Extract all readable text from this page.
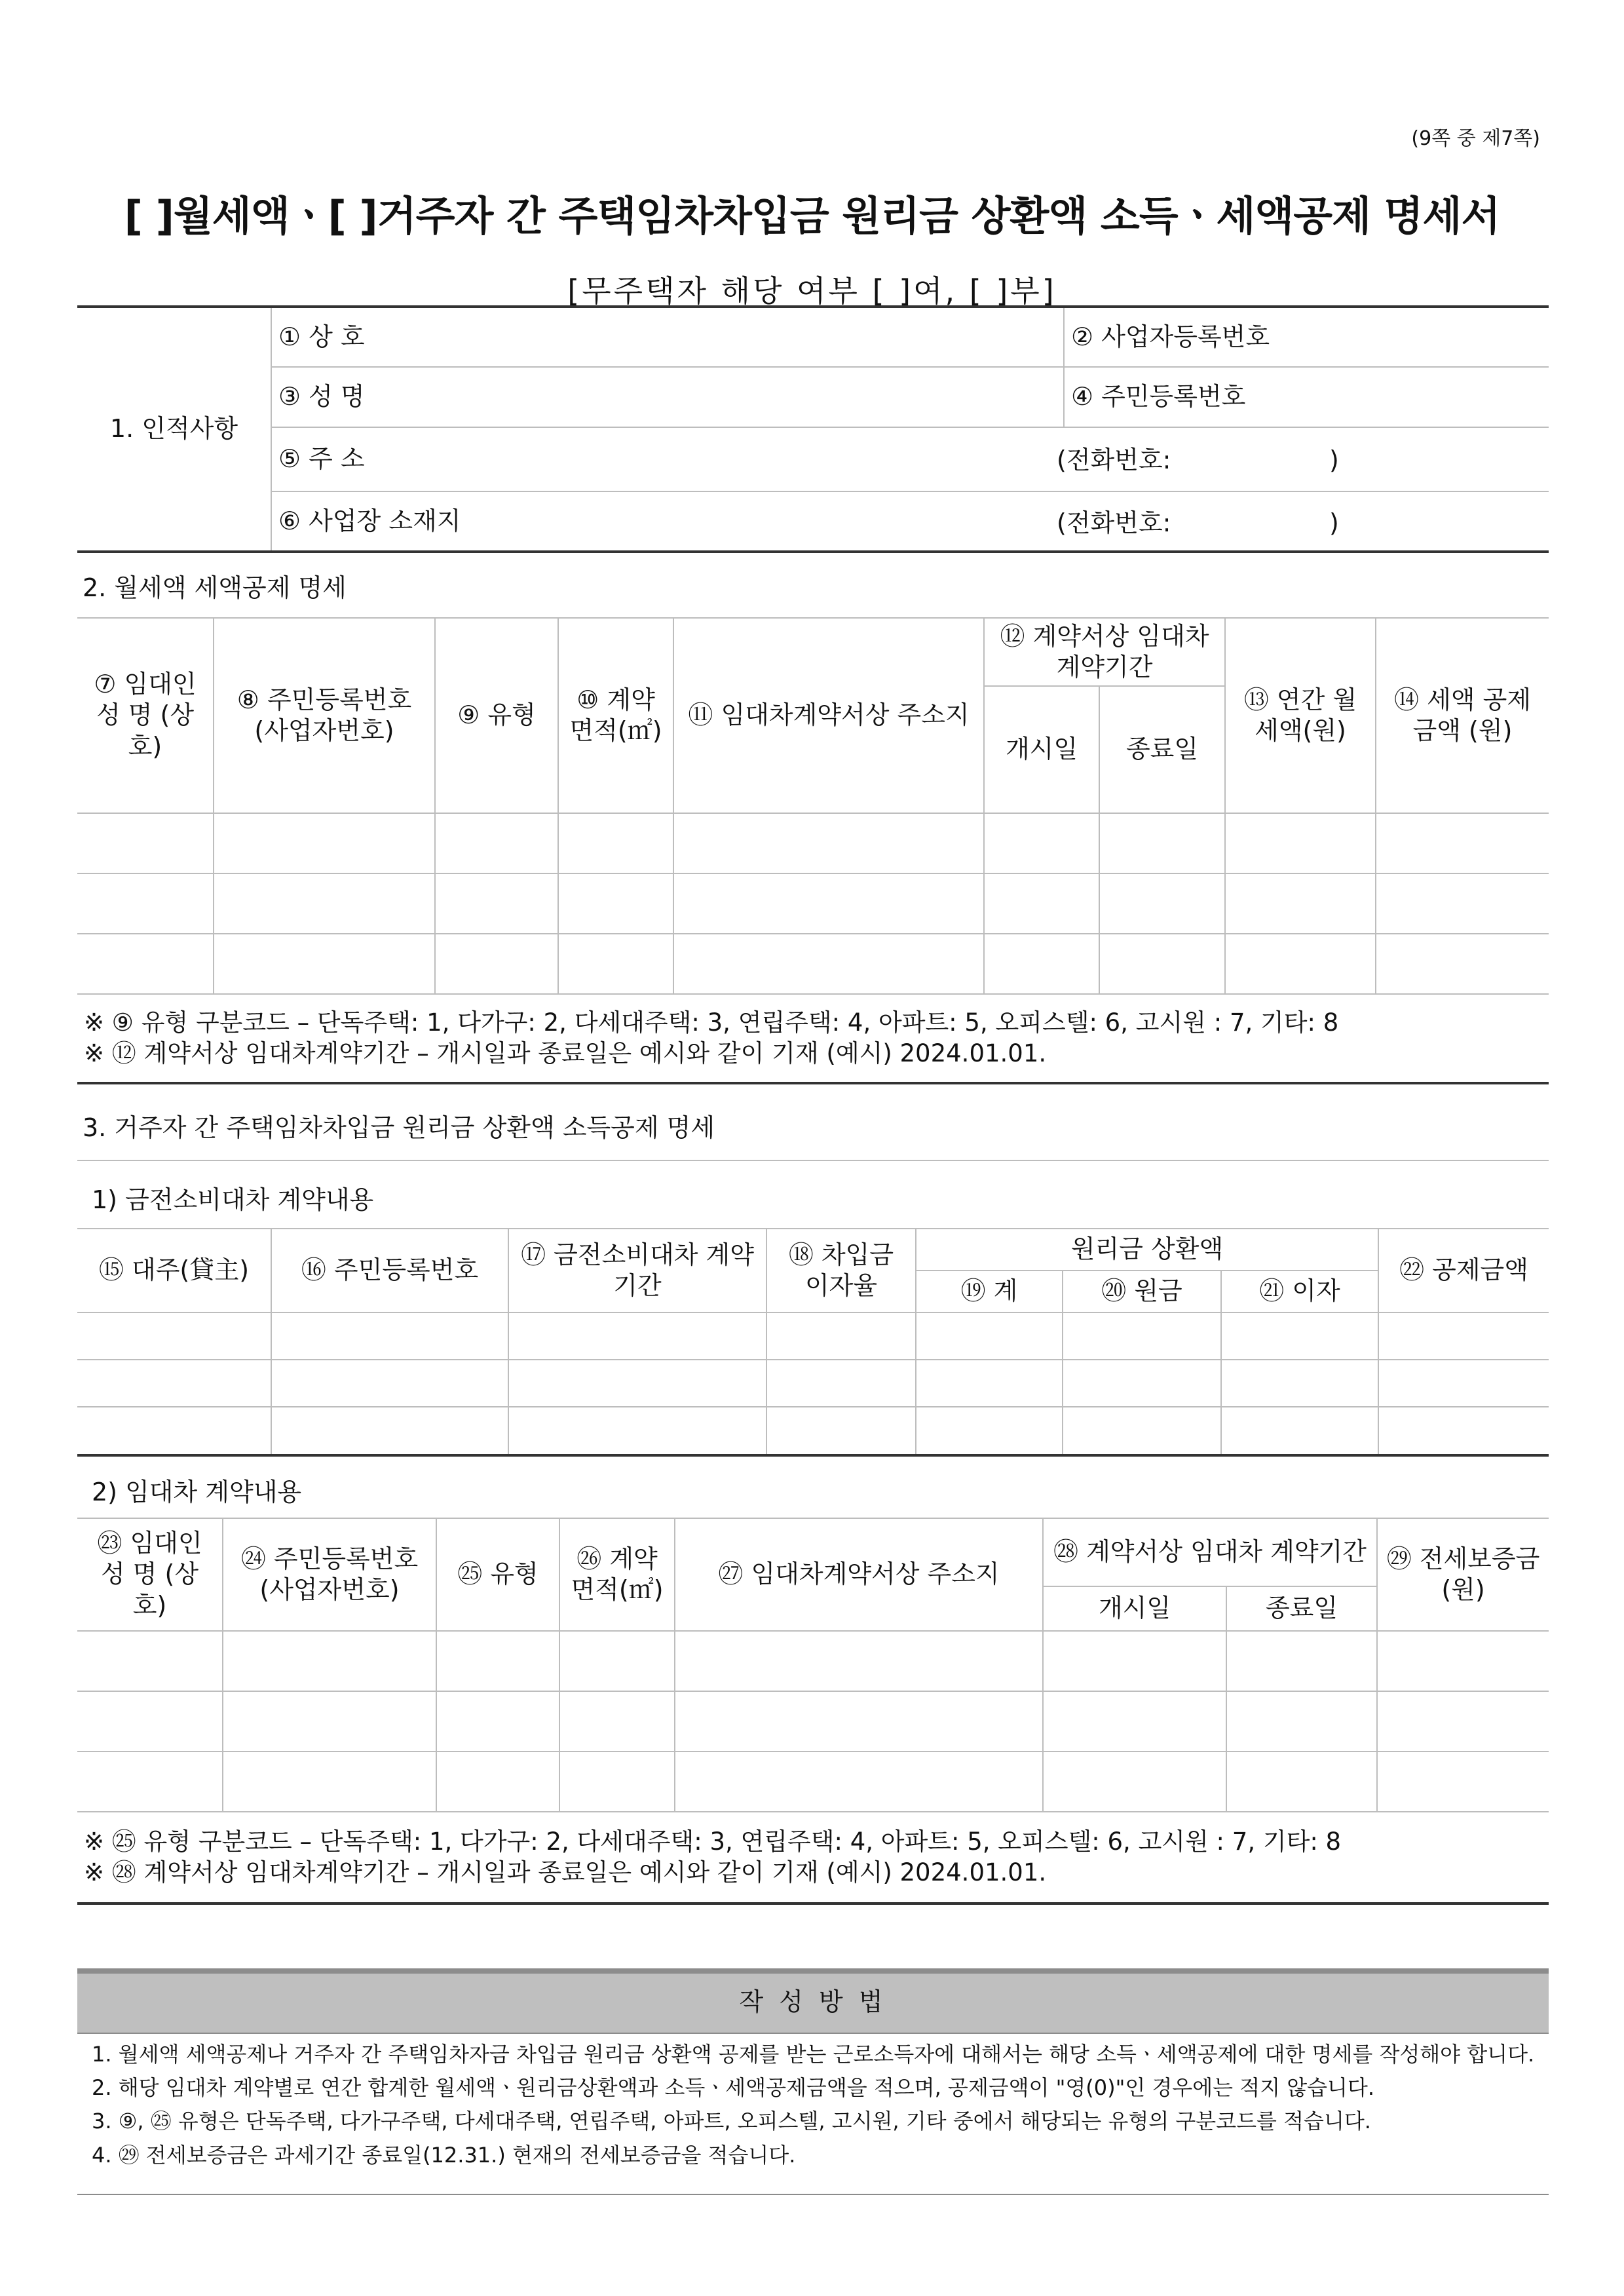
(9쪽 중 제7쪽)
[ ]월세액ㆍ[ ]거주자 간 주택임차차입금 원리금 상환액 소득ㆍ세액공제 명세서
[무주택자 해당 여부 [ ]여, [ ]부]
1. 인적사항	① 상 호	② 사업자등록번호
	③ 성 명	④ 주민등록번호
	⑤ 주 소 (전화번호:                    )	

	⑥ 사업장 소재지 (전화번호:                    )	
2. 월세액 세액공제 명세
⑦ 임대인 성 명 (상 호)	⑧ 주민등록번호 (사업자번호)	⑨ 유형	⑩ 계약 면적(㎡)	⑪ 임대차계약서상 주소지	⑫ 계약서상 임대차 계약기간		⑬ 연간 월세액(원)	⑭ 세액 공제금액 (원)
					개시일	종료일		

※ ⑨ 유형 구분코드 – 단독주택: 1, 다가구: 2, 다세대주택: 3, 연립주택: 4, 아파트: 5, 오피스텔: 6, 고시원 : 7, 기타: 8
※ ⑫ 계약서상 임대차계약기간 – 개시일과 종료일은 예시와 같이 기재 (예시) 2024.01.01.								
3. 거주자 간 주택임차차입금 원리금 상환액 소득공제 명세
1) 금전소비대차 계약내용
⑮ 대주(貸主)	⑯ 주민등록번호	⑰ 금전소비대차 계약기간	⑱ 차입금 이자율	원리금 상환액			㉒ 공제금액
				⑲ 계	⑳ 원금	㉑ 이자	

2) 임대차 계약내용
㉓ 임대인 성 명 (상 호)	㉔ 주민등록번호 (사업자번호)	㉕ 유형	㉖ 계약 면적(㎡)	㉗ 임대차계약서상 주소지	㉘ 계약서상 임대차 계약기간		㉙ 전세보증금 (원)
					개시일	종료일	

※ ㉕ 유형 구분코드 – 단독주택: 1, 다가구: 2, 다세대주택: 3, 연립주택: 4, 아파트: 5, 오피스텔: 6, 고시원 : 7, 기타: 8
※ ㉘ 계약서상 임대차계약기간 – 개시일과 종료일은 예시와 같이 기재 (예시) 2024.01.01.							
작 성 방 법
1. 월세액 세액공제나 거주자 간 주택임차자금 차입금 원리금 상환액 공제를 받는 근로소득자에 대해서는 해당 소득ㆍ세액공제에 대한 명세를 작성해야 합니다.
2. 해당 임대차 계약별로 연간 합계한 월세액ㆍ원리금상환액과 소득ㆍ세액공제금액을 적으며, 공제금액이 "영(0)"인 경우에는 적지 않습니다.
3. ⑨, ㉕ 유형은 단독주택, 다가구주택, 다세대주택, 연립주택, 아파트, 오피스텔, 고시원, 기타 중에서 해당되는 유형의 구분코드를 적습니다.
4. ㉙ 전세보증금은 과세기간 종료일(12.31.) 현재의 전세보증금을 적습니다.
